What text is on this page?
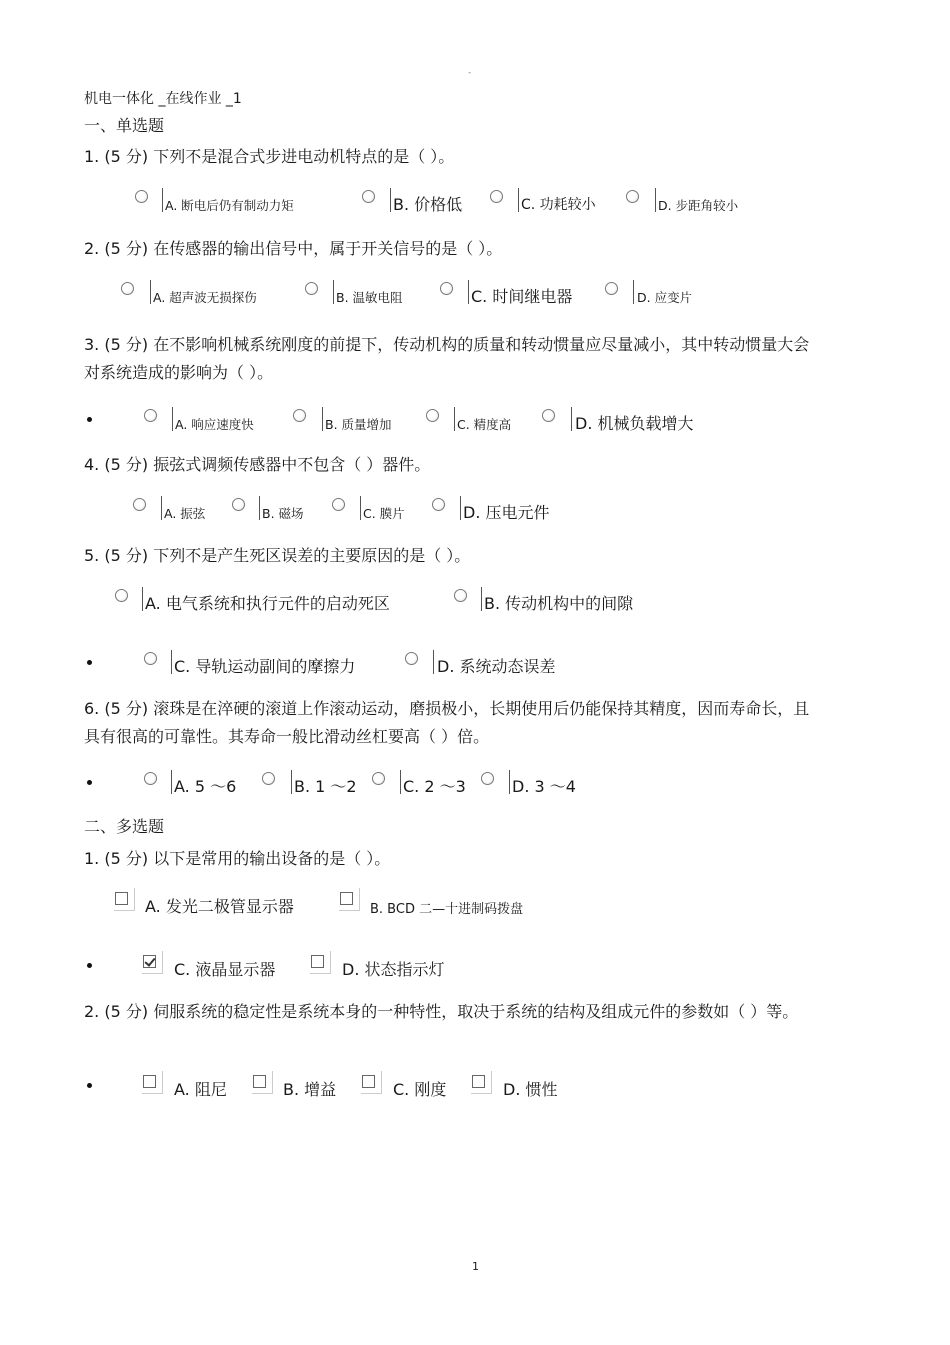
-
机电一体化 _在线作业 _1
一、单选题
1. (5 分) 下列不是混合式步进电动机特点的是（ ）。
A. 断电后仍有制动力矩	B. 价格低	C. 功耗较小	D. 步距角较小
2. (5 分) 在传感器的输出信号中，属于开关信号的是（ ）。
A. 超声波无损探伤	B. 温敏电阻	C. 时间继电器	D. 应变片
3. (5 分) 在不影响机械系统刚度的前提下，传动机构的质量和转动惯量应尽量减小，其中转动惯量大会对系统造成的影响为（ ）。
A. 响应速度快	B. 质量增加	C. 精度高	D. 机械负载增大
4. (5 分) 振弦式调频传感器中不包含（ ）器件。
A. 振弦	B. 磁场	C. 膜片	D. 压电元件
5. (5 分) 下列不是产生死区误差的主要原因的是（ ）。
A. 电气系统和执行元件的启动死区	B. 传动机构中的间隙
C. 导轨运动副间的摩擦力	D. 系统动态误差
6. (5 分) 滚珠是在淬硬的滚道上作滚动运动，磨损极小，长期使用后仍能保持其精度，因而寿命长，且具有很高的可靠性。其寿命一般比滑动丝杠要高（ ）倍。
A. 5 ～6	B. 1 ～2	C. 2 ～3	D. 3 ～4
二、多选题
1. (5 分) 以下是常用的输出设备的是（ ）。
A. 发光二极管显示器	B. BCD 二—十进制码拨盘
C. 液晶显示器	D. 状态指示灯
2. (5 分) 伺服系统的稳定性是系统本身的一种特性，取决于系统的结构及组成元件的参数如（ ）等。
A. 阻尼	B. 增益	C. 刚度	D. 惯性
1
